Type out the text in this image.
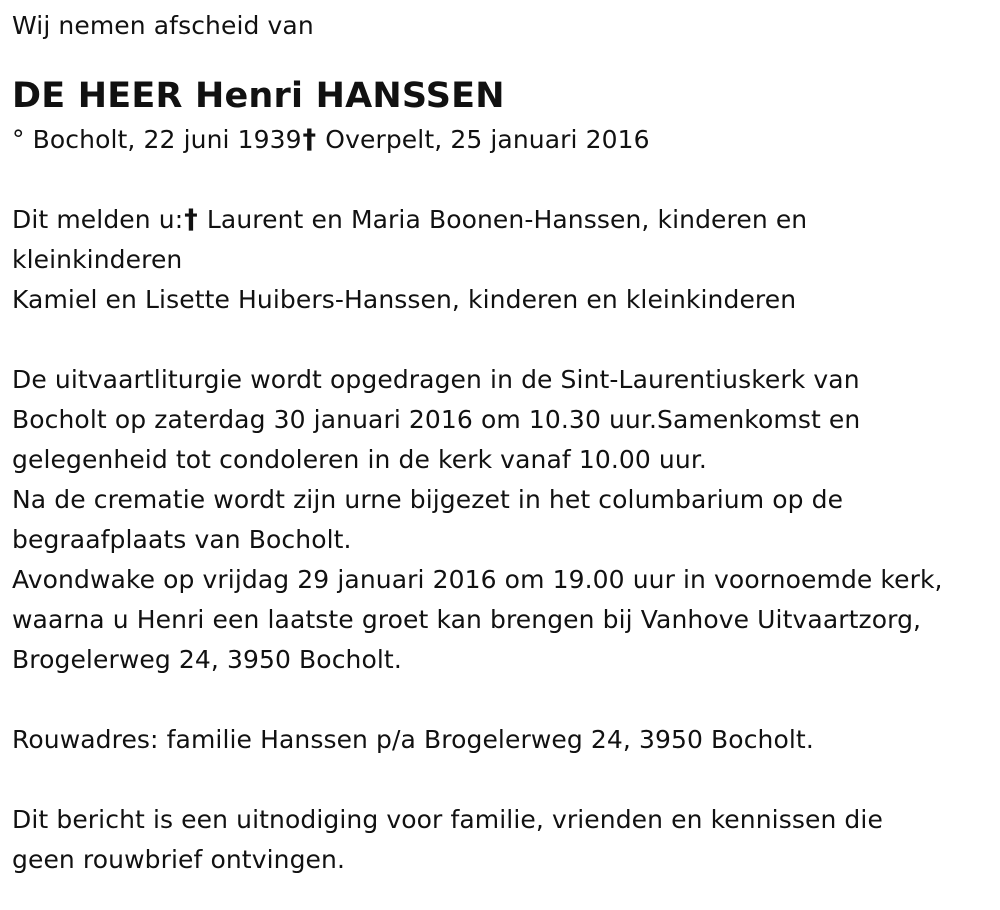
Wij nemen afscheid van
DE HEER Henri HANSSEN
° Bocholt, 22 juni 1939† Overpelt, 25 januari 2016
Dit melden u:† Laurent en Maria Boonen-Hanssen, kinderen en
kleinkinderen
Kamiel en Lisette Huibers-Hanssen, kinderen en kleinkinderen
De uitvaartliturgie wordt opgedragen in de Sint-Laurentiuskerk van
Bocholt op zaterdag 30 januari 2016 om 10.30 uur.Samenkomst en
gelegenheid tot condoleren in de kerk vanaf 10.00 uur.
Na de crematie wordt zijn urne bijgezet in het columbarium op de
begraafplaats van Bocholt.
Avondwake op vrijdag 29 januari 2016 om 19.00 uur in voornoemde kerk,
waarna u Henri een laatste groet kan brengen bij Vanhove Uitvaartzorg,
Brogelerweg 24, 3950 Bocholt.
Rouwadres: familie Hanssen p/a Brogelerweg 24, 3950 Bocholt.
Dit bericht is een uitnodiging voor familie, vrienden en kennissen die
geen rouwbrief ontvingen.
